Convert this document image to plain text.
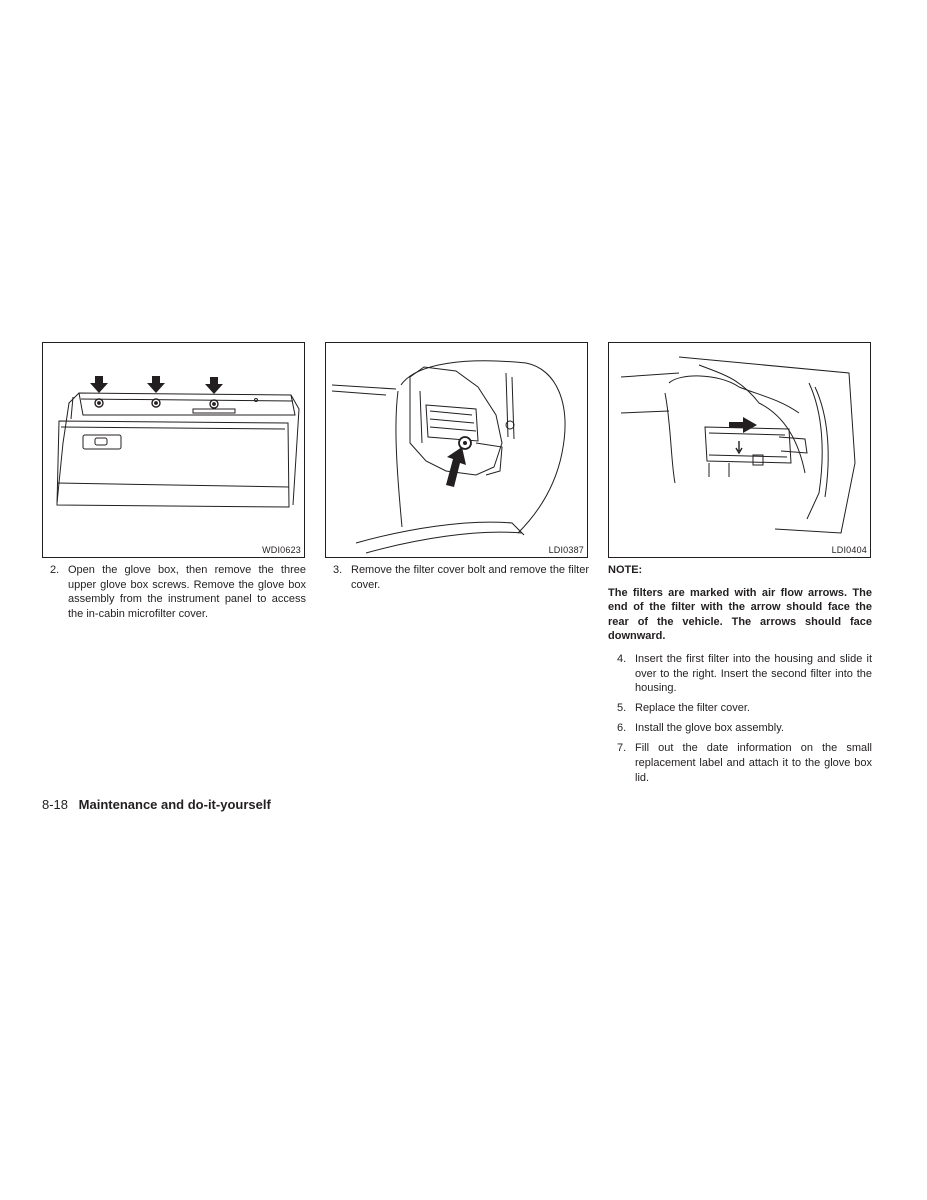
WDI0623	LDI0387	LDI0404
2. Open the glove box, then remove the three upper glove box screws. Remove the glove box assembly from the instrument panel to access the in-cabin microfilter cover.
3. Remove the filter cover bolt and remove the filter cover.
NOTE:
The filters are marked with air flow arrows. The end of the filter with the arrow should face the rear of the vehicle. The arrows should face downward.
4. Insert the first filter into the housing and slide it over to the right. Insert the second filter into the housing.
5. Replace the filter cover.
6. Install the glove box assembly.
7. Fill out the date information on the small replacement label and attach it to the glove box lid.
8-18 Maintenance and do-it-yourself
